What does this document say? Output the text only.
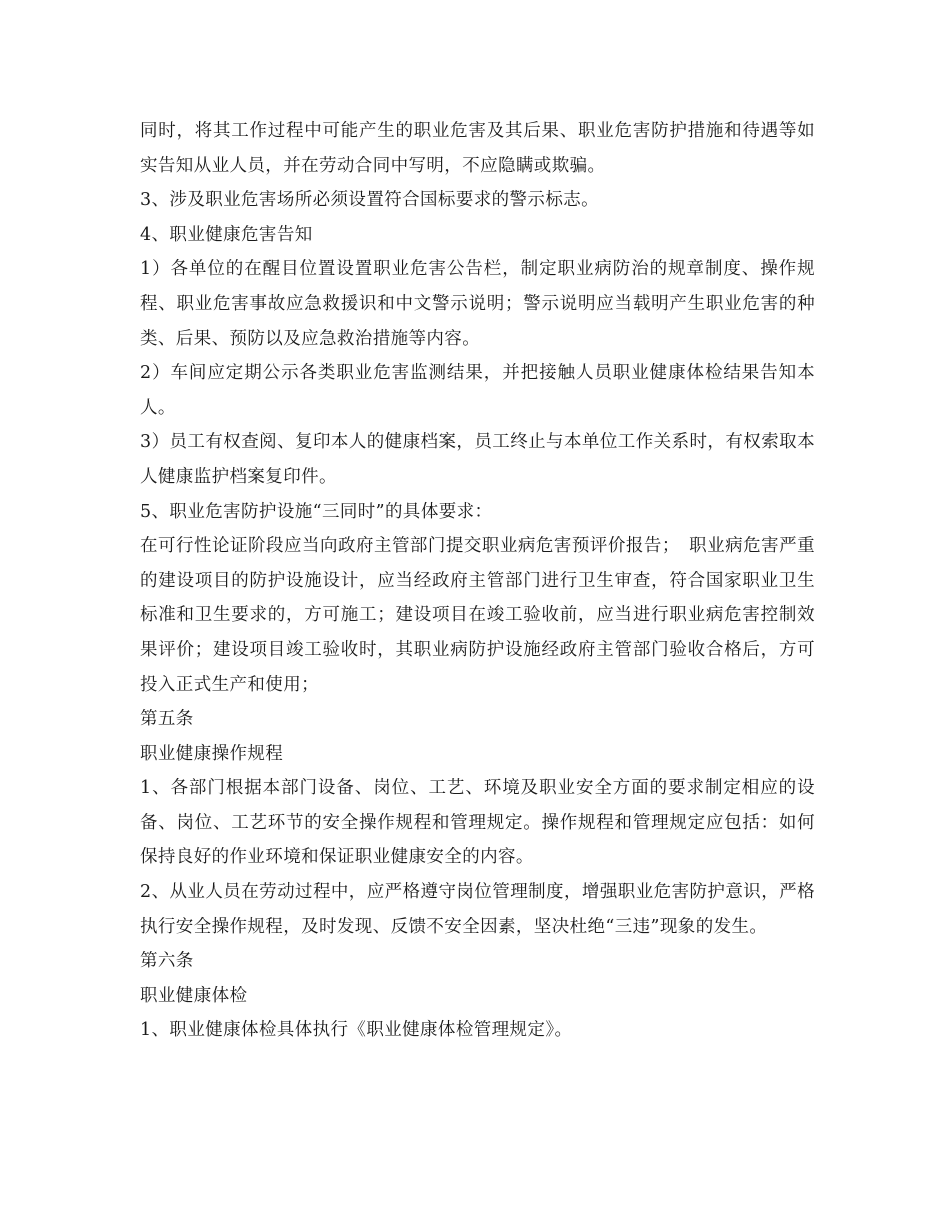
同时，将其工作过程中可能产生的职业危害及其后果、职业危害防护措施和待遇等如实告知从业人员，并在劳动合同中写明，不应隐瞒或欺骗。

3、涉及职业危害场所必须设置符合国标要求的警示标志。

4、职业健康危害告知

1）各单位的在醒目位置设置职业危害公告栏，制定职业病防治的规章制度、操作规程、职业危害事故应急救援识和中文警示说明；警示说明应当载明产生职业危害的种类、后果、预防以及应急救治措施等内容。

2）车间应定期公示各类职业危害监测结果，并把接触人员职业健康体检结果告知本人。

3）员工有权查阅、复印本人的健康档案，员工终止与本单位工作关系时，有权索取本人健康监护档案复印件。

5、职业危害防护设施“三同时”的具体要求：

在可行性论证阶段应当向政府主管部门提交职业病危害预评价报告；　职业病危害严重的建设项目的防护设施设计，应当经政府主管部门进行卫生审查，符合国家职业卫生标准和卫生要求的，方可施工；建设项目在竣工验收前，应当进行职业病危害控制效果评价；建设项目竣工验收时，其职业病防护设施经政府主管部门验收合格后，方可投入正式生产和使用；

第五条

职业健康操作规程

1、各部门根据本部门设备、岗位、工艺、环境及职业安全方面的要求制定相应的设备、岗位、工艺环节的安全操作规程和管理规定。操作规程和管理规定应包括：如何保持良好的作业环境和保证职业健康安全的内容。

2、从业人员在劳动过程中，应严格遵守岗位管理制度，增强职业危害防护意识，严格执行安全操作规程，及时发现、反馈不安全因素，坚决杜绝“三违”现象的发生。

第六条

职业健康体检

1、职业健康体检具体执行《职业健康体检管理规定》。
